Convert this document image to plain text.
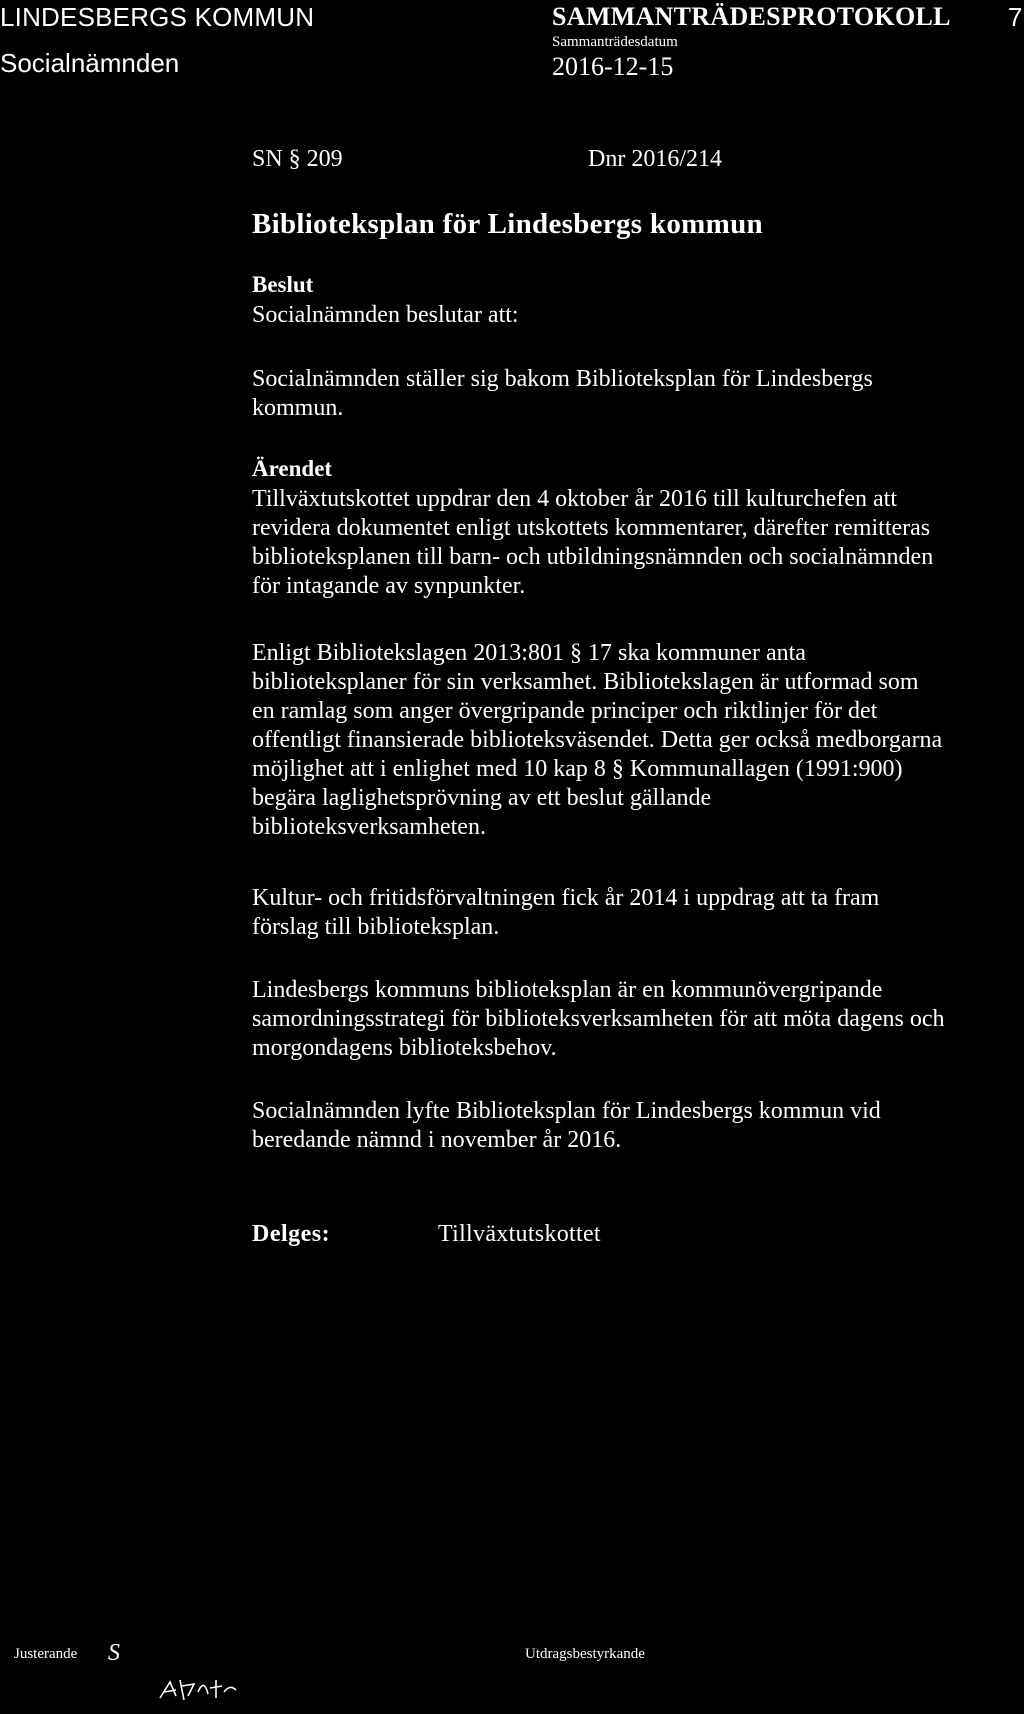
LINDESBERGS KOMMUN
Socialnämnden
SAMMANTRÄDESPROTOKOLL
Sammanträdesdatum
2016-12-15
7
SN § 209	Dnr 2016/214
Biblioteksplan för Lindesbergs kommun
Beslut
Socialnämnden beslutar att:
Socialnämnden ställer sig bakom Biblioteksplan för Lindesbergs
kommun.
Ärendet
Tillväxtutskottet uppdrar den 4 oktober år 2016 till kulturchefen att
revidera dokumentet enligt utskottets kommentarer, därefter remitteras
biblioteksplanen till barn- och utbildningsnämnden och socialnämnden
för intagande av synpunkter.
Enligt Bibliotekslagen 2013:801 § 17 ska kommuner anta
biblioteksplaner för sin verksamhet. Bibliotekslagen är utformad som
en ramlag som anger övergripande principer och riktlinjer för det
offentligt finansierade biblioteksväsendet. Detta ger också medborgarna
möjlighet att i enlighet med 10 kap 8 § Kommunallagen (1991:900)
begära laglighetsprövning av ett beslut gällande
biblioteksverksamheten.
Kultur- och fritidsförvaltningen fick år 2014 i uppdrag att ta fram
förslag till biblioteksplan.
Lindesbergs kommuns biblioteksplan är en kommunövergripande
samordningsstrategi för biblioteksverksamheten för att möta dagens och
morgondagens biblioteksbehov.
Socialnämnden lyfte Biblioteksplan för Lindesbergs kommun vid
beredande nämnd i november år 2016.
Delges:	Tillväxtutskottet
Justerande S	Utdragsbestyrkande
